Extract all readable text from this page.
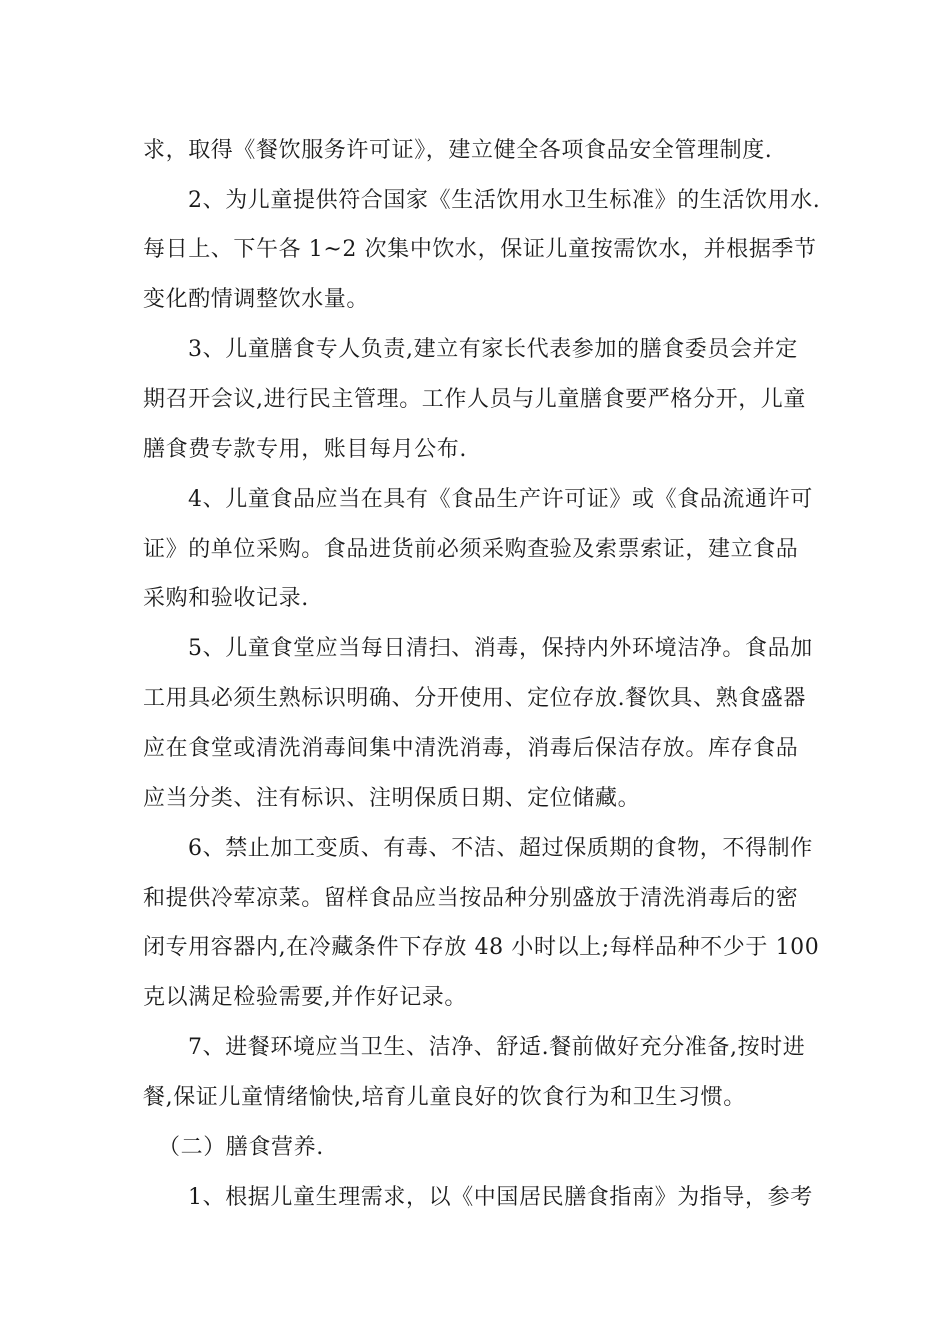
求，取得《餐饮服务许可证》，建立健全各项食品安全管理制度.
2、为儿童提供符合国家《生活饮用水卫生标准》的生活饮用水.
每日上、下午各 1~2 次集中饮水，保证儿童按需饮水，并根据季节
变化酌情调整饮水量。
3、儿童膳食专人负责,建立有家长代表参加的膳食委员会并定
期召开会议,进行民主管理。工作人员与儿童膳食要严格分开，儿童
膳食费专款专用，账目每月公布.
4、儿童食品应当在具有《食品生产许可证》或《食品流通许可
证》的单位采购。食品进货前必须采购查验及索票索证，建立食品
采购和验收记录.
5、儿童食堂应当每日清扫、消毒，保持内外环境洁净。食品加
工用具必须生熟标识明确、分开使用、定位存放.餐饮具、熟食盛器
应在食堂或清洗消毒间集中清洗消毒，消毒后保洁存放。库存食品
应当分类、注有标识、注明保质日期、定位储藏。
6、禁止加工变质、有毒、不洁、超过保质期的食物，不得制作
和提供冷荤凉菜。留样食品应当按品种分别盛放于清洗消毒后的密
闭专用容器内,在冷藏条件下存放 48 小时以上;每样品种不少于 100
克以满足检验需要,并作好记录。
7、进餐环境应当卫生、洁净、舒适.餐前做好充分准备,按时进
餐,保证儿童情绪愉快,培育儿童良好的饮食行为和卫生习惯。
（二）膳食营养.
1、根据儿童生理需求，以《中国居民膳食指南》为指导，参考
